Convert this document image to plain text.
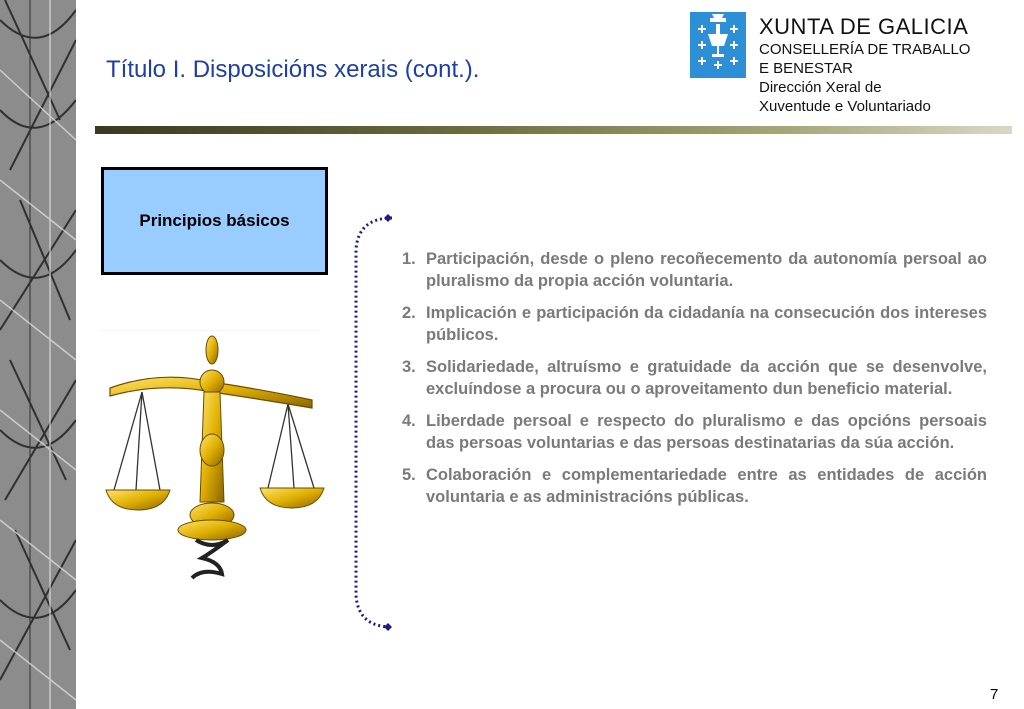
Título I. Disposicións xerais (cont.).
XUNTA DE GALICIA
CONSELLERÍA DE TRABALLO
E BENESTAR
Dirección Xeral de
Xuventude e Voluntariado
Principios básicos
1. Participación, desde o pleno recoñecemento da autonomía persoal ao pluralismo da propia acción voluntaria.
2. Implicación e participación da cidadanía na consecución dos intereses públicos.
3. Solidariedade, altruísmo e gratuidade da acción que se desenvolve, excluíndose a procura ou o aproveitamento dun beneficio material.
4. Liberdade persoal e respecto do pluralismo e das opcións persoais das persoas voluntarias e das persoas destinatarias da súa acción.
5. Colaboración e complementariedade entre as entidades de acción voluntaria e as administracións públicas.
7
